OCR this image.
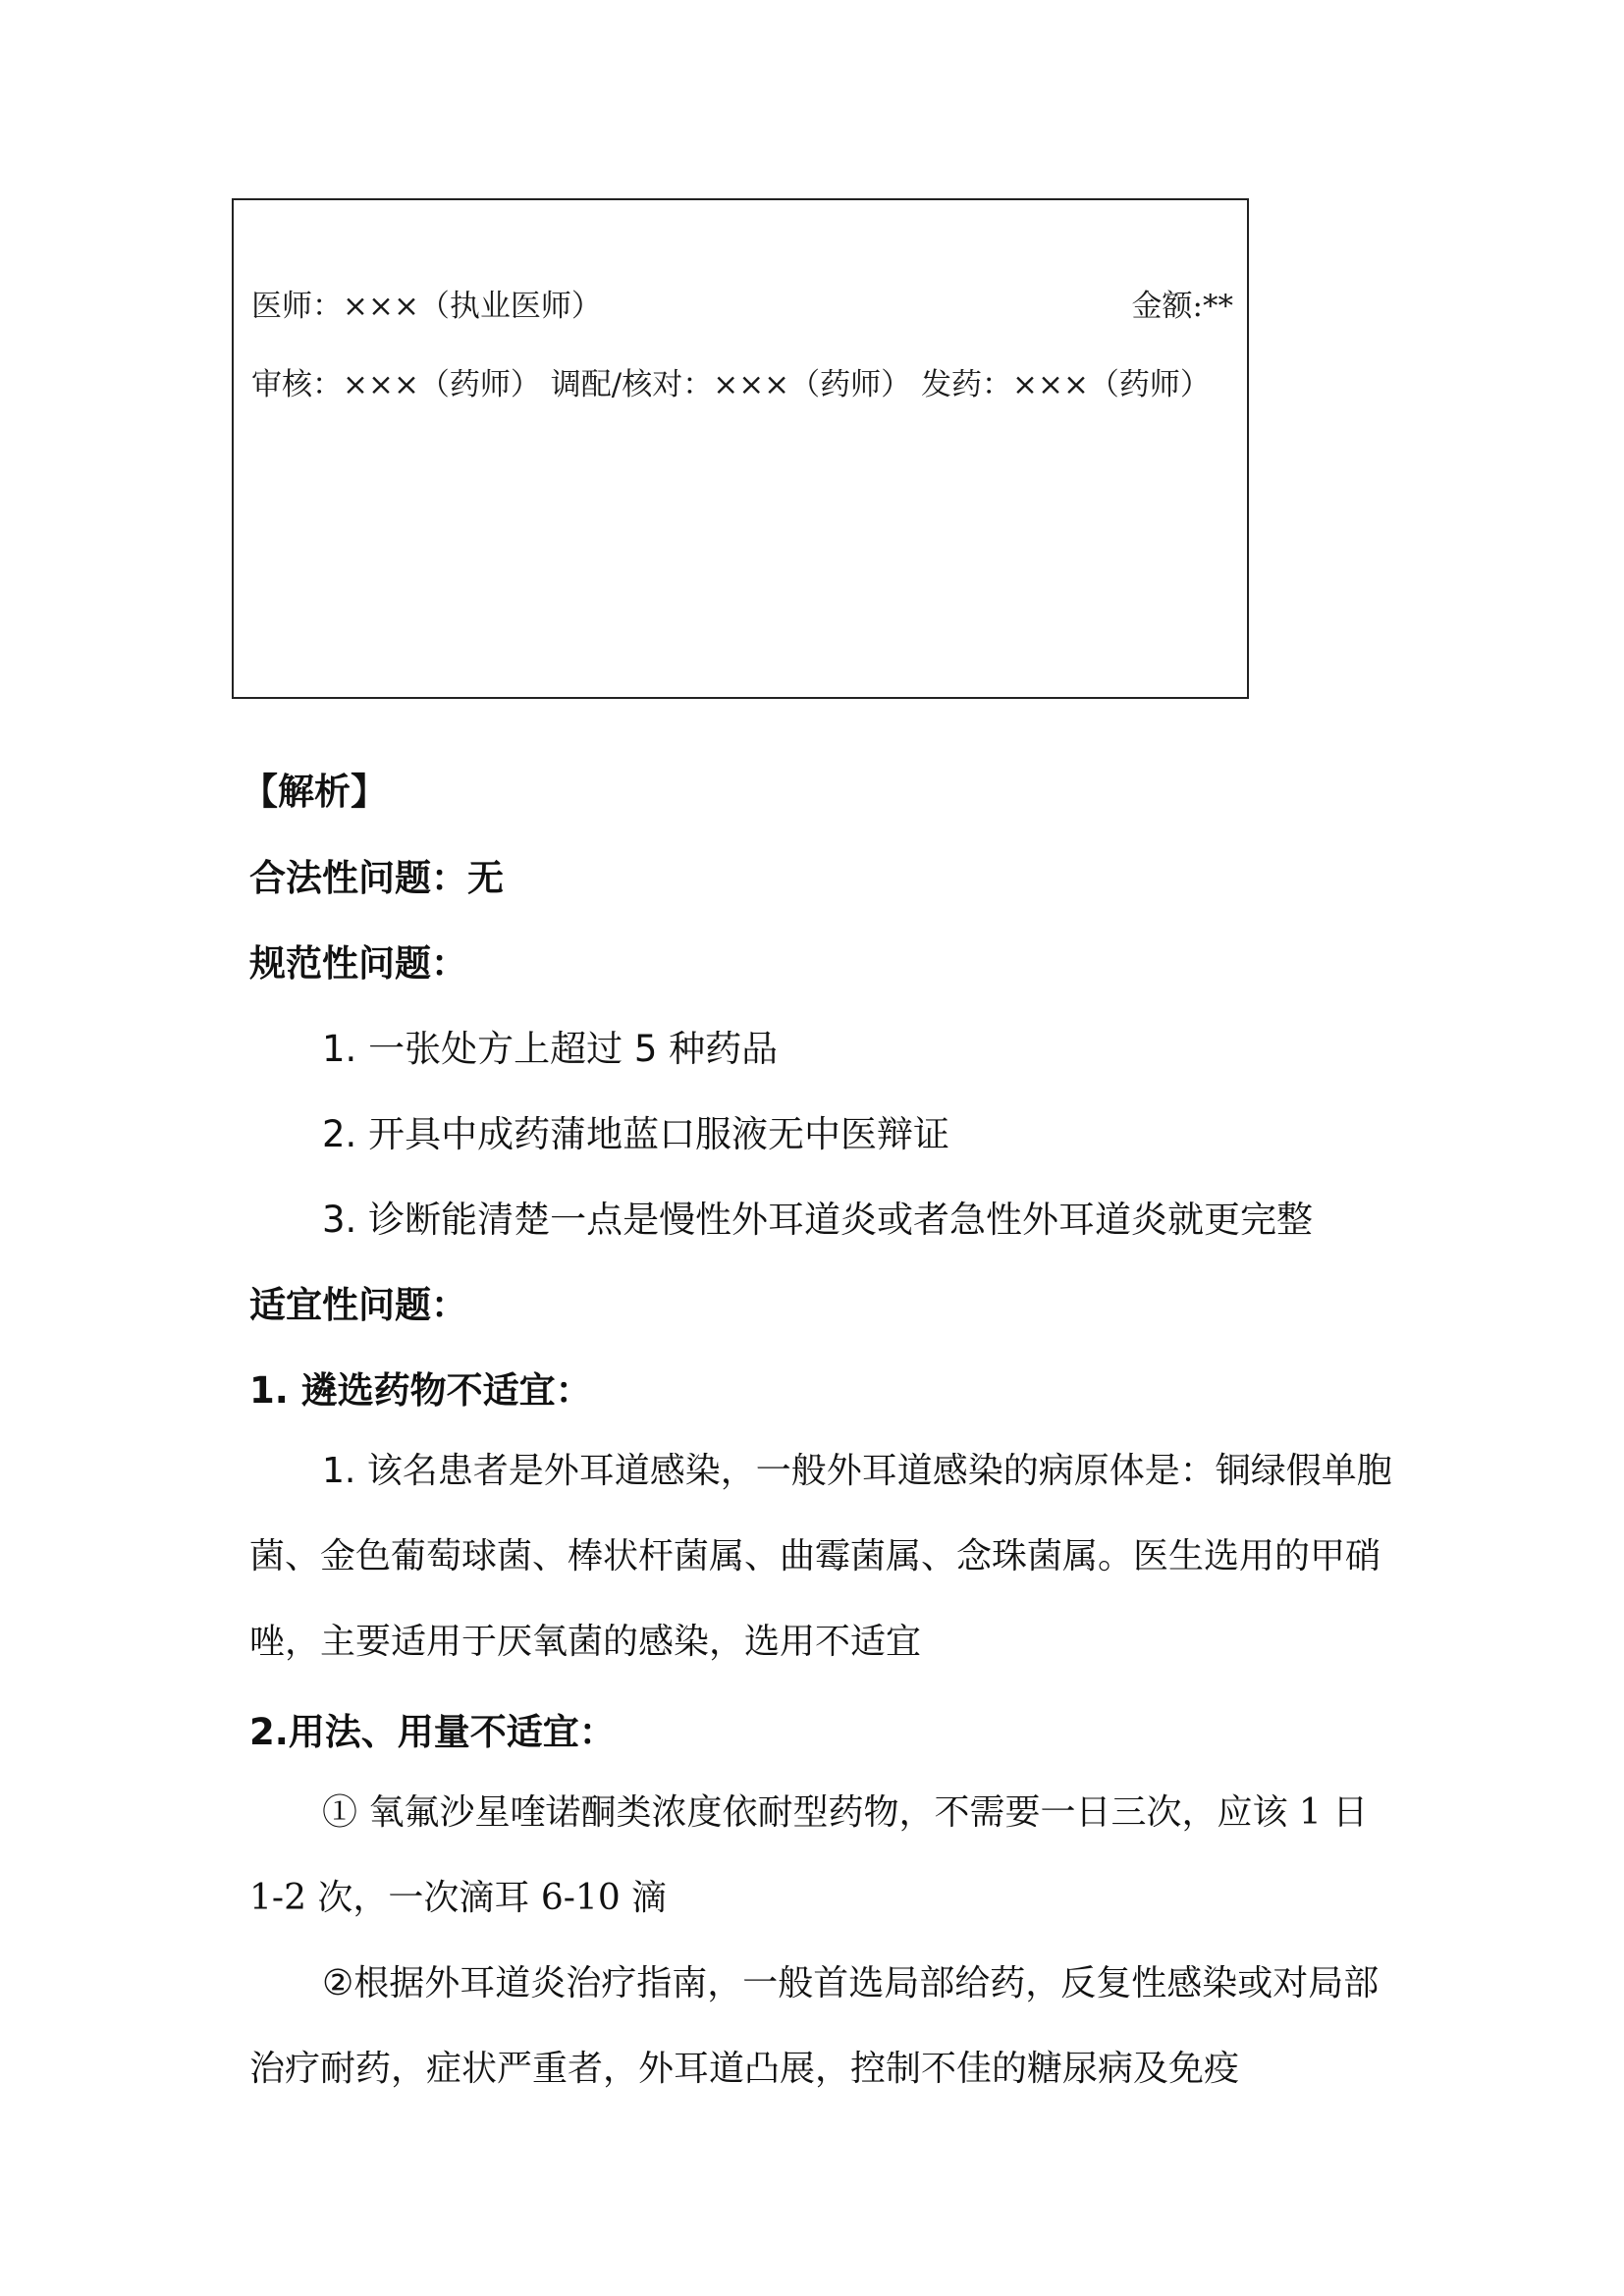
医师：×××（执业医师）	金额:**
审核：×××（药师） 调配/核对：×××（药师） 发药：×××（药师）
【解析】
合法性问题：无
规范性问题：
1. 一张处方上超过 5 种药品
2. 开具中成药蒲地蓝口服液无中医辩证
3. 诊断能清楚一点是慢性外耳道炎或者急性外耳道炎就更完整
适宜性问题：
1. 遴选药物不适宜：

1. 该名患者是外耳道感染，一般外耳道感染的病原体是：铜绿假单胞菌、金色葡萄球菌、棒状杆菌属、曲霉菌属、念珠菌属。医生选用的甲硝唑，主要适用于厌氧菌的感染，选用不适宜

2.用法、用量不适宜：

① 氧氟沙星喹诺酮类浓度依耐型药物，不需要一日三次，应该 1 日 1-2 次，一次滴耳 6-10 滴

②根据外耳道炎治疗指南，一般首选局部给药，反复性感染或对局部治疗耐药，症状严重者，外耳道凸展，控制不佳的糖尿病及免疫
